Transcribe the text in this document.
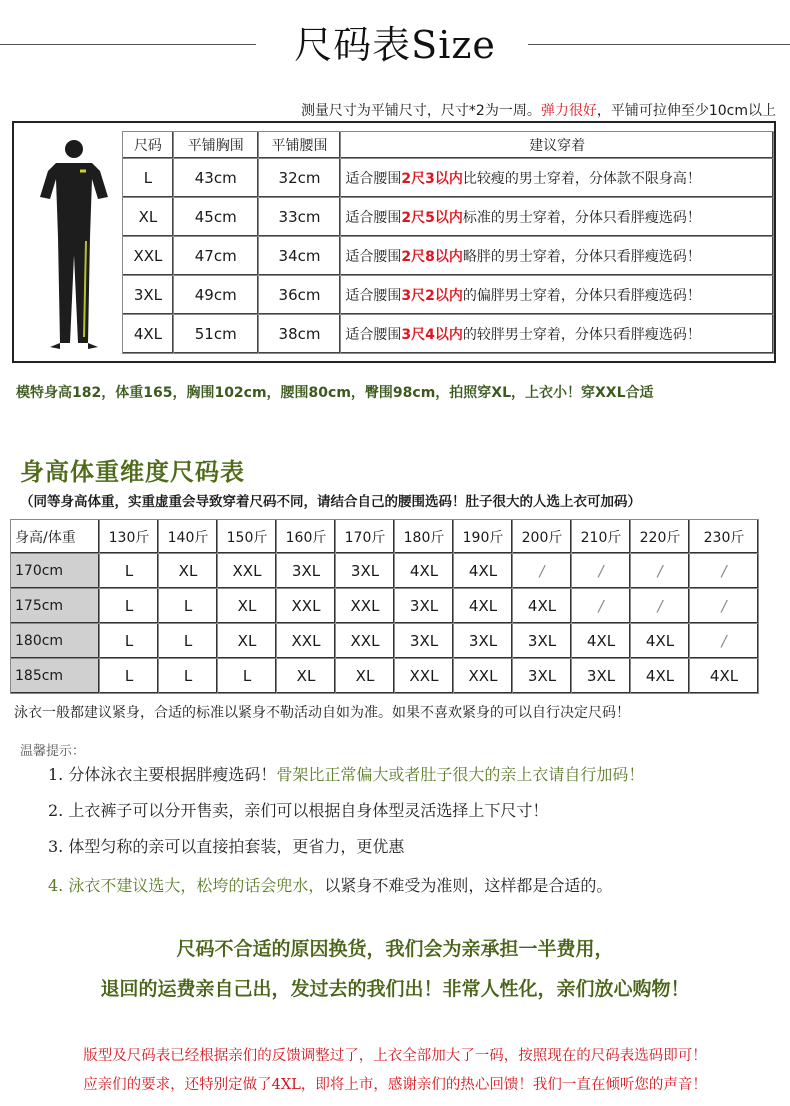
尺码表Size
测量尺寸为平铺尺寸，尺寸*2为一周。弹力很好，平铺可拉伸至少10cm以上
尺码	平铺胸围	平铺腰围	建议穿着
L	43cm	32cm	适合腰围2尺3以内比较瘦的男士穿着，分体款不限身高！
XL	45cm	33cm	适合腰围2尺5以内标准的男士穿着，分体只看胖瘦选码！
XXL	47cm	34cm	适合腰围2尺8以内略胖的男士穿着，分体只看胖瘦选码！
3XL	49cm	36cm	适合腰围3尺2以内的偏胖男士穿着，分体只看胖瘦选码！
4XL	51cm	38cm	适合腰围3尺4以内的较胖男士穿着，分体只看胖瘦选码！
模特身高182，体重165，胸围102cm，腰围80cm，臀围98cm，拍照穿XL，上衣小！穿XXL合适
身高体重维度尺码表
（同等身高体重，实重虚重会导致穿着尺码不同，请结合自己的腰围选码！肚子很大的人选上衣可加码）
身高/体重	130斤	140斤	150斤	160斤	170斤	180斤	190斤	200斤	210斤	220斤	230斤
170cm	L	XL	XXL	3XL	3XL	4XL	4XL	/	/	/	/
175cm	L	L	XL	XXL	XXL	3XL	4XL	4XL	/	/	/
180cm	L	L	XL	XXL	XXL	3XL	3XL	3XL	4XL	4XL	/
185cm	L	L	L	XL	XL	XXL	XXL	3XL	3XL	4XL	4XL
泳衣一般都建议紧身，合适的标准以紧身不勒活动自如为准。如果不喜欢紧身的可以自行决定尺码！
温馨提示：
1. 分体泳衣主要根据胖瘦选码！骨架比正常偏大或者肚子很大的亲上衣请自行加码！
2. 上衣裤子可以分开售卖，亲们可以根据自身体型灵活选择上下尺寸！
3. 体型匀称的亲可以直接拍套装，更省力，更优惠
4. 泳衣不建议选大，松垮的话会兜水，以紧身不难受为准则，这样都是合适的。
尺码不合适的原因换货，我们会为亲承担一半费用，
退回的运费亲自己出，发过去的我们出！非常人性化，亲们放心购物！
版型及尺码表已经根据亲们的反馈调整过了，上衣全部加大了一码，按照现在的尺码表选码即可！
应亲们的要求，还特别定做了4XL，即将上市，感谢亲们的热心回馈！我们一直在倾听您的声音！
